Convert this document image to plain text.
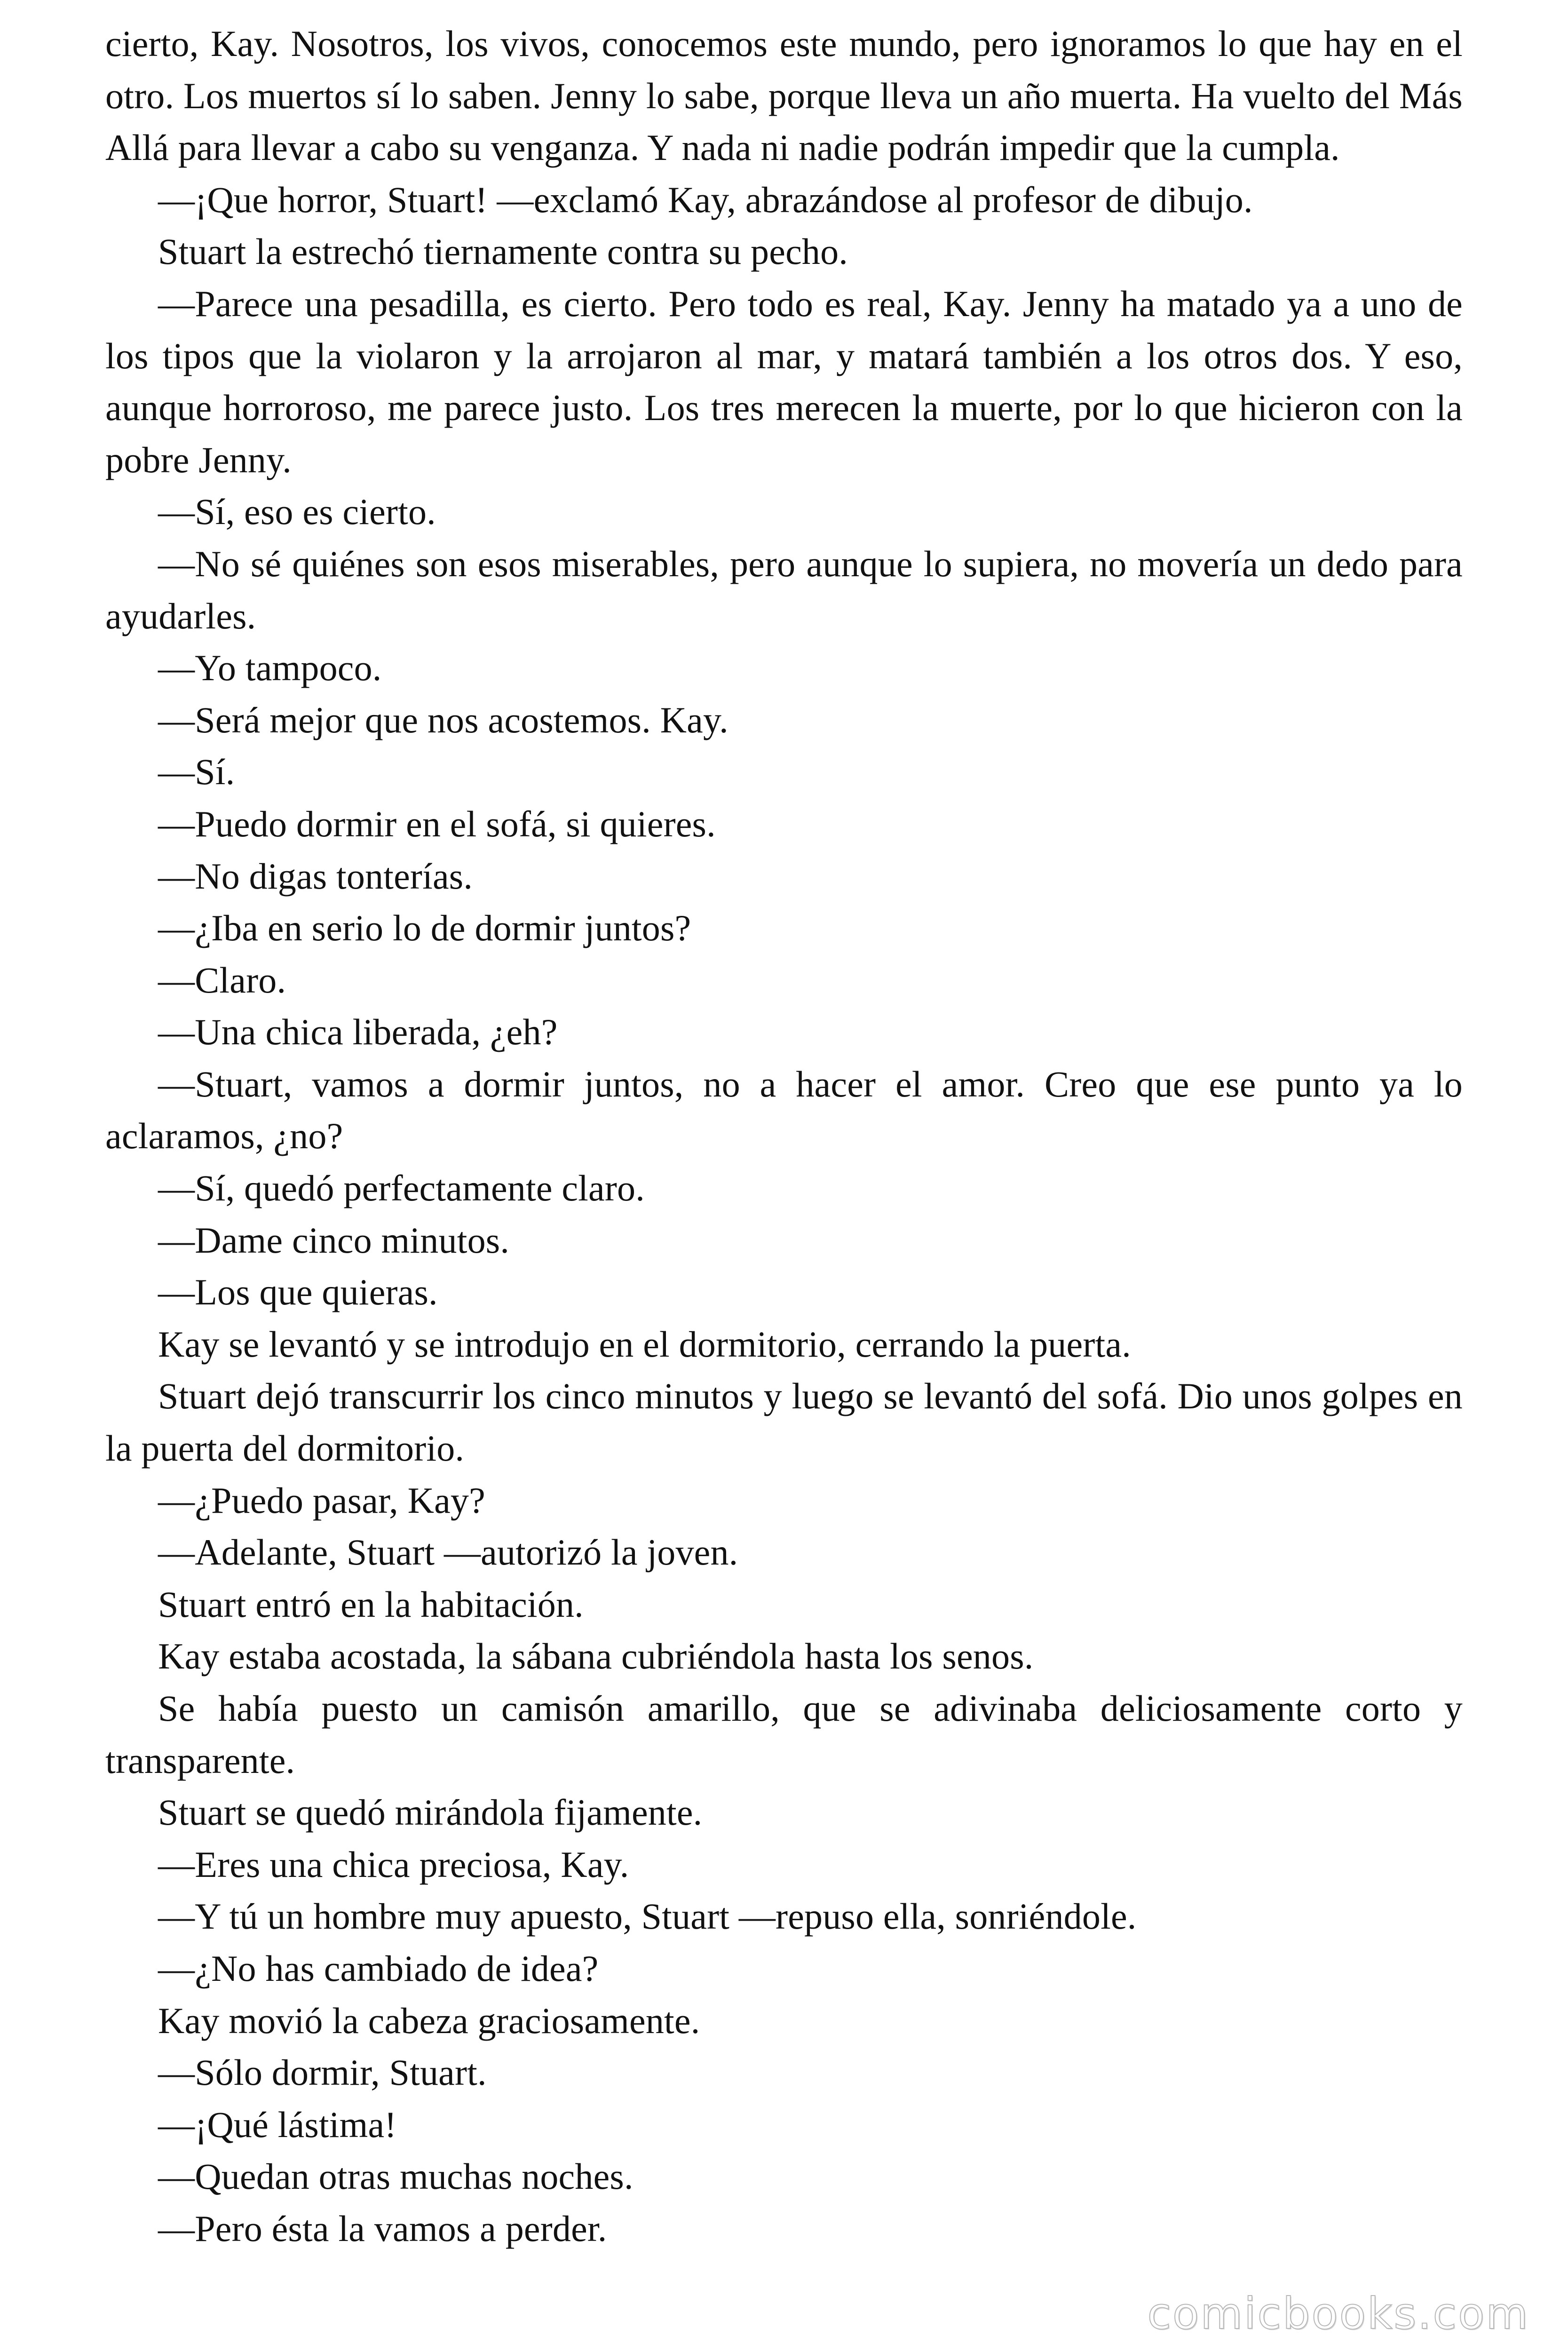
cierto, Kay. Nosotros, los vivos, conocemos este mundo, pero ignoramos lo que hay en el otro. Los muertos sí lo saben. Jenny lo sabe, porque lleva un año muerta. Ha vuelto del Más Allá para llevar a cabo su venganza. Y nada ni nadie podrán impedir que la cumpla.

—¡Que horror, Stuart! —exclamó Kay, abrazándose al profesor de dibujo.

Stuart la estrechó tiernamente contra su pecho.

—Parece una pesadilla, es cierto. Pero todo es real, Kay. Jenny ha matado ya a uno de los tipos que la violaron y la arrojaron al mar, y matará también a los otros dos. Y eso, aunque horroroso, me parece justo. Los tres merecen la muerte, por lo que hicieron con la pobre Jenny.

—Sí, eso es cierto.

—No sé quiénes son esos miserables, pero aunque lo supiera, no movería un dedo para ayudarles.

—Yo tampoco.

—Será mejor que nos acostemos. Kay.

—Sí.

—Puedo dormir en el sofá, si quieres.

—No digas tonterías.

—¿Iba en serio lo de dormir juntos?

—Claro.

—Una chica liberada, ¿eh?

—Stuart, vamos a dormir juntos, no a hacer el amor. Creo que ese punto ya lo aclaramos, ¿no?

—Sí, quedó perfectamente claro.

—Dame cinco minutos.

—Los que quieras.

Kay se levantó y se introdujo en el dormitorio, cerrando la puerta.

Stuart dejó transcurrir los cinco minutos y luego se levantó del sofá. Dio unos golpes en la puerta del dormitorio.

—¿Puedo pasar, Kay?

—Adelante, Stuart —autorizó la joven.

Stuart entró en la habitación.

Kay estaba acostada, la sábana cubriéndola hasta los senos.

Se había puesto un camisón amarillo, que se adivinaba deliciosamente corto y transparente.

Stuart se quedó mirándola fijamente.

—Eres una chica preciosa, Kay.

—Y tú un hombre muy apuesto, Stuart —repuso ella, sonriéndole.

—¿No has cambiado de idea?

Kay movió la cabeza graciosamente.

—Sólo dormir, Stuart.

—¡Qué lástima!

—Quedan otras muchas noches.

—Pero ésta la vamos a perder.

comicbooks.com
